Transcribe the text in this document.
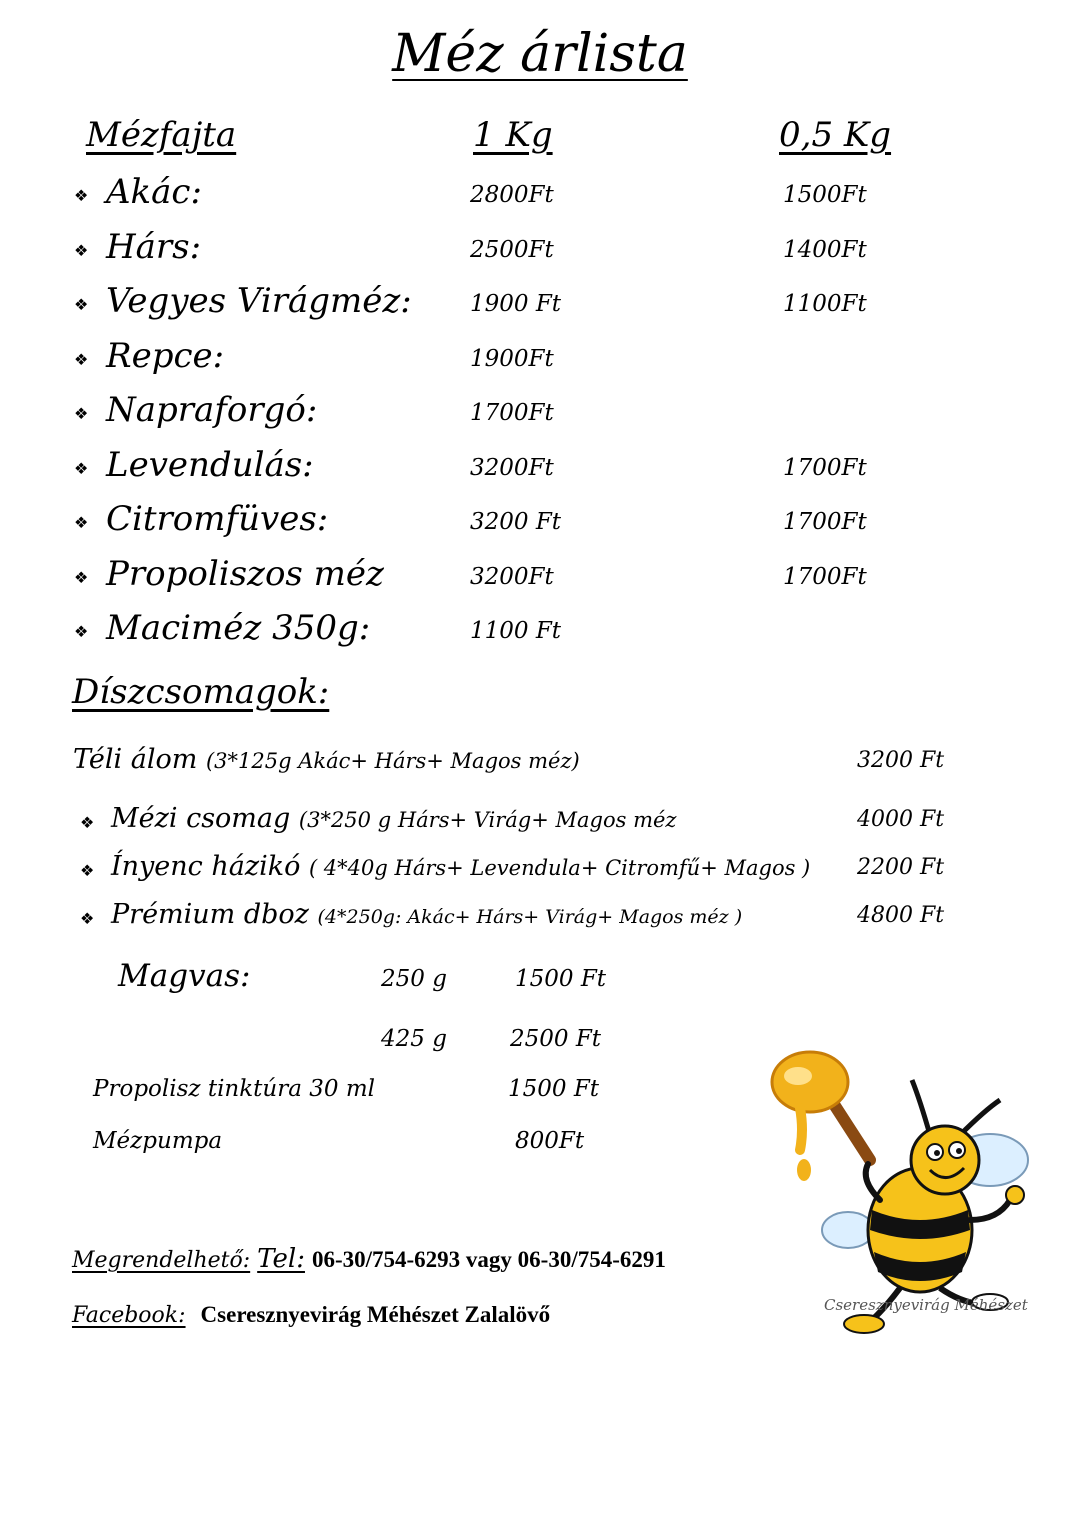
Méz árlista
Mézfajta	1 Kg	0,5 Kg
❖ Akác:	2800Ft	1500Ft
❖ Hárs:	2500Ft	1400Ft
❖ Vegyes Virágméz:	1900 Ft	1100Ft
❖ Repce:	1900Ft
❖ Napraforgó:	1700Ft
❖ Levendulás:	3200Ft	1700Ft
❖ Citromfüves:	3200 Ft	1700Ft
❖ Propoliszos méz	3200Ft	1700Ft
❖ Maciméz 350g:	1100 Ft
Díszcsomagok:
Téli álom (3*125g Akác+ Hárs+ Magos méz)	3200 Ft
❖ Mézi csomag (3*250 g Hárs+ Virág+ Magos méz	4000 Ft
❖ Ínyenc házikó ( 4*40g Hárs+ Levendula+ Citromfű+ Magos ) 2200 Ft
❖ Prémium dboz (4*250g: Akác+ Hárs+ Virág+ Magos méz )	4800 Ft
Magvas:	250 g	1500 Ft
425 g	2500 Ft
Propolisz tinktúra 30 ml	1500 Ft
Mézpumpa	800Ft
Megrendelhető: Tel: 06-30/754-6293 vagy 06-30/754-6291
Facebook: Cseresznyevirág Méhészet Zalalövő	Cseresznyevirág Méhészet
